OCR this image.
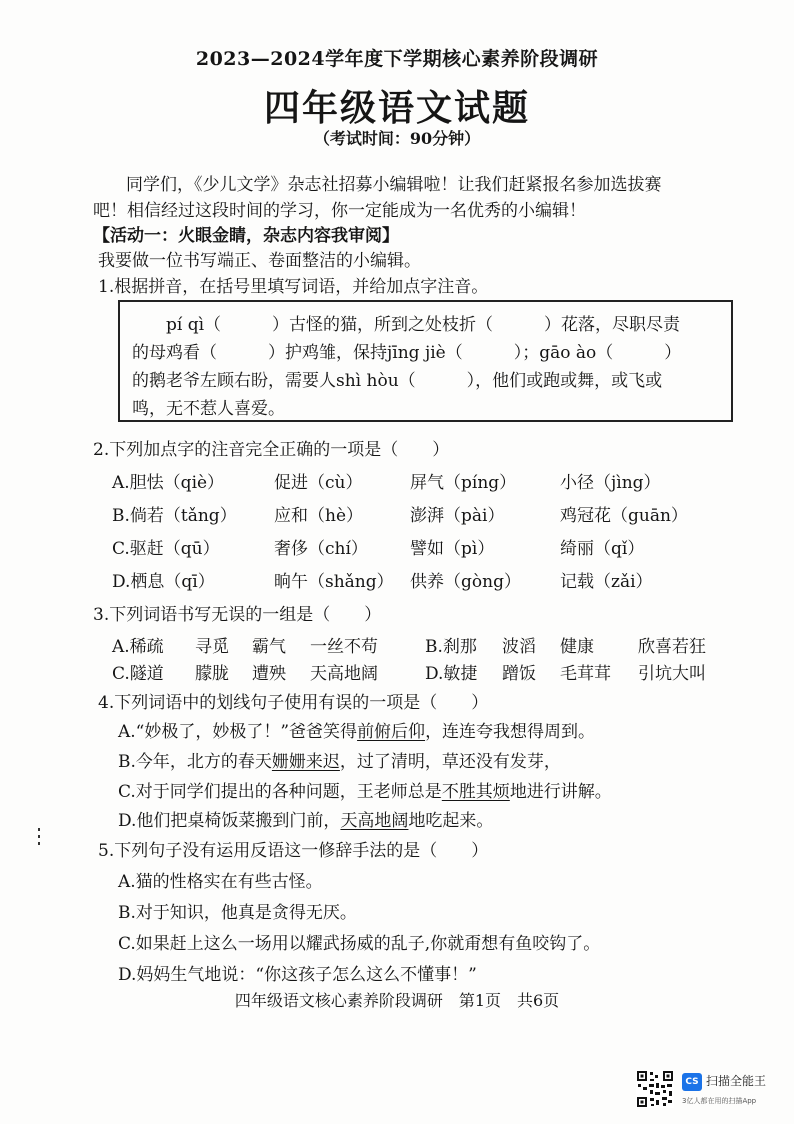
2023—2024学年度下学期核心素养阶段调研
四年级语文试题
（考试时间：90分钟）
同学们，《少儿文学》杂志社招募小编辑啦！让我们赶紧报名参加选拔赛
吧！相信经过这段时间的学习，你一定能成为一名优秀的小编辑！
【活动一：火眼金睛，杂志内容我审阅】
我要做一位书写端正、卷面整洁的小编辑。
1.根据拼音，在括号里填写词语，并给加点字注音。
pí qì（　　　）古怪的猫，所到之处枝折（　　　）花落，尽职尽责
的母鸡看（　　　）护鸡雏，保持jīng jiè（　　　）；gāo ào（　　　）
的鹅老爷左顾右盼，需要人shì hòu（　　　），他们或跑或舞，或飞或
鸣，无不惹人喜爱。
2.下列加点字的注音完全正确的一项是（　　）
A.胆怯（qiè）	促进（cù）	屏气（píng）	小径（jìng）
B.倘若（tǎng） 应和（hè）	澎湃（pài）	鸡冠花（guān）
C.驱赶（qū）	奢侈（chí） 譬如（pì）	绮丽（qǐ）
D.栖息（qī）	晌午（shǎng） 供养（gòng） 记载（zǎi）
3.下列词语书写无误的一组是（　　）
A.稀疏 寻觅 霸气 一丝不苟	B.刹那 波滔 健康	欣喜若狂
C.隧道 朦胧 遭殃 天高地阔	D.敏捷 蹭饭 毛茸茸 引坑大叫
4.下列词语中的划线句子使用有误的一项是（　　）
A.“妙极了，妙极了！”爸爸笑得前俯后仰，连连夸我想得周到。
B.今年，北方的春天姗姗来迟，过了清明，草还没有发芽，
C.对于同学们提出的各种问题，王老师总是不胜其烦地进行讲解。
D.他们把桌椅饭菜搬到门前，天高地阔地吃起来。
5.下列句子没有运用反语这一修辞手法的是（　　）
A.猫的性格实在有些古怪。
B.对于知识，他真是贪得无厌。
C.如果赶上这么一场用以耀武扬威的乱子,你就甭想有鱼咬钩了。
D.妈妈生气地说：“你这孩子怎么这么不懂事！”
四年级语文核心素养阶段调研　第1页　共6页
CS 扫描全能王
3亿人都在用的扫描App
